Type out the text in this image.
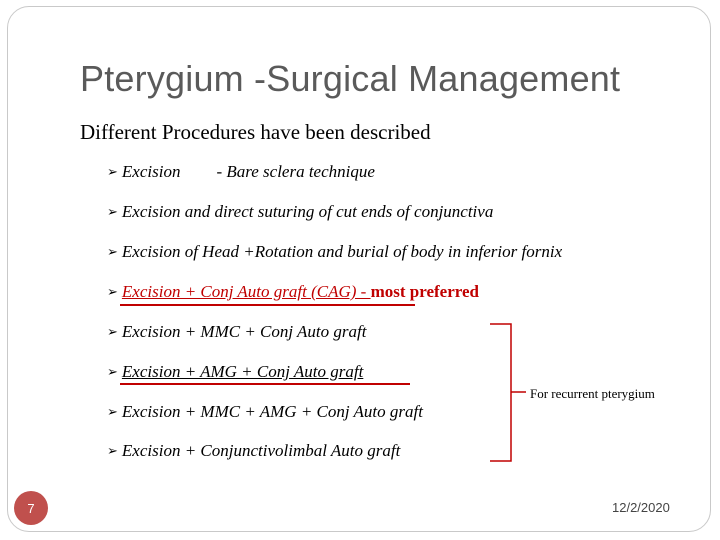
Pterygium -Surgical Management
Different Procedures have been described
➢ Excision - Bare sclera technique
➢ Excision and direct suturing of cut ends of conjunctiva
➢ Excision of Head +Rotation and burial of body in inferior fornix
➢ Excision + Conj Auto graft (CAG) - most preferred
➢ Excision + MMC + Conj Auto graft
➢ Excision + AMG + Conj Auto graft
➢ Excision + MMC + AMG + Conj Auto graft
➢ Excision + Conjunctivolimbal Auto graft
For recurrent pterygium
7	12/2/2020
